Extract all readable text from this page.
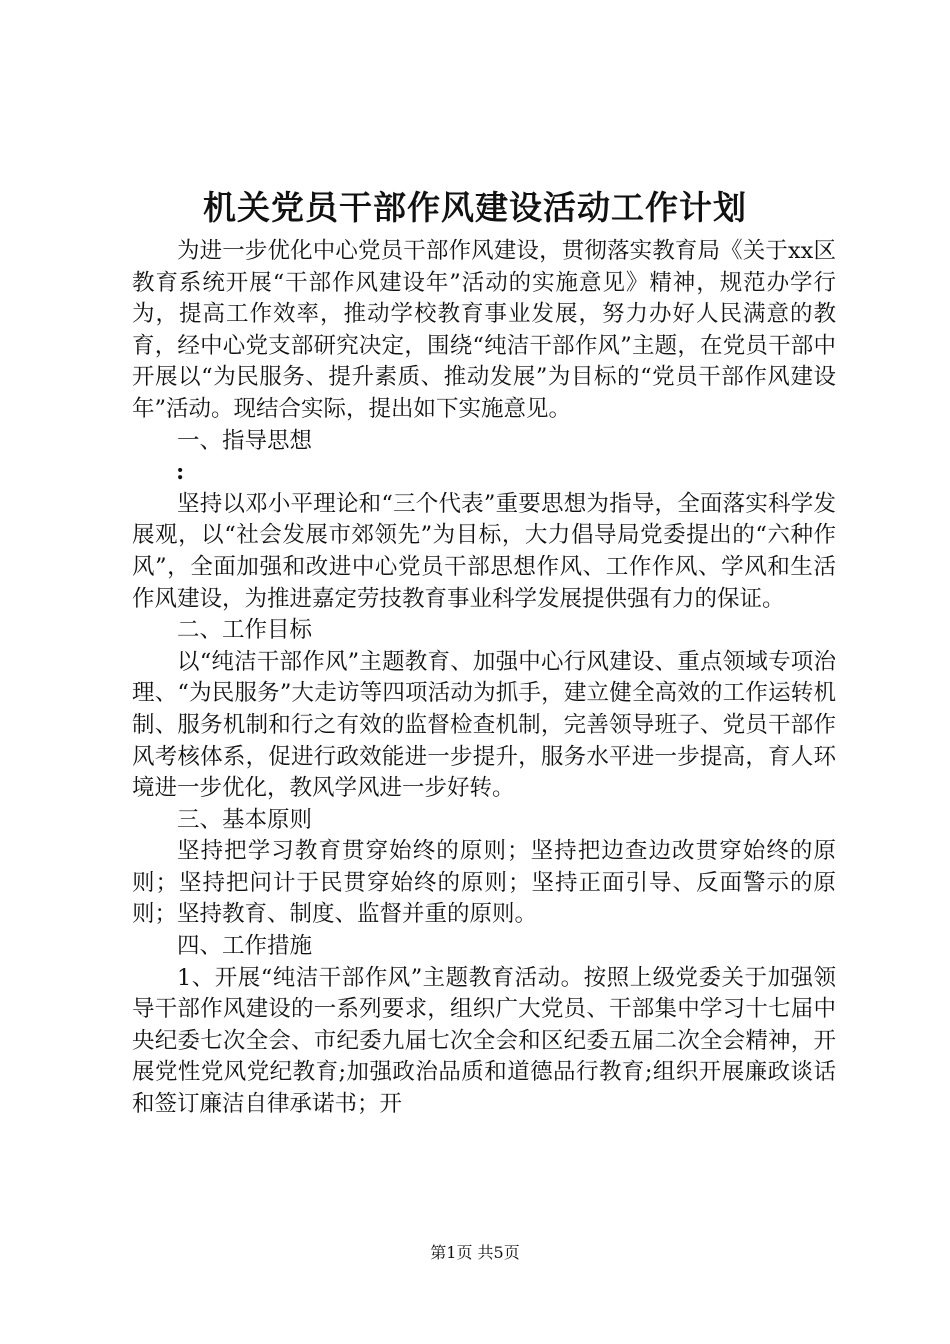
机关党员干部作风建设活动工作计划

为进一步优化中心党员干部作风建设，贯彻落实教育局《关于xx区教育系统开展“干部作风建设年”活动的实施意见》精神，规范办学行为，提高工作效率，推动学校教育事业发展，努力办好人民满意的教育，经中心党支部研究决定，围绕“纯洁干部作风”主题，在党员干部中开展以“为民服务、提升素质、推动发展”为目标的“党员干部作风建设年”活动。现结合实际，提出如下实施意见。

一、指导思想

:

坚持以邓小平理论和“三个代表”重要思想为指导，全面落实科学发展观，以“社会发展市郊领先”为目标，大力倡导局党委提出的“六种作风”，全面加强和改进中心党员干部思想作风、工作作风、学风和生活作风建设，为推进嘉定劳技教育事业科学发展提供强有力的保证。

二、工作目标

以“纯洁干部作风”主题教育、加强中心行风建设、重点领域专项治理、“为民服务”大走访等四项活动为抓手，建立健全高效的工作运转机制、服务机制和行之有效的监督检查机制，完善领导班子、党员干部作风考核体系，促进行政效能进一步提升，服务水平进一步提高，育人环境进一步优化，教风学风进一步好转。

三、基本原则

坚持把学习教育贯穿始终的原则；坚持把边查边改贯穿始终的原则；坚持把问计于民贯穿始终的原则；坚持正面引导、反面警示的原则；坚持教育、制度、监督并重的原则。

四、工作措施

1、开展“纯洁干部作风”主题教育活动。按照上级党委关于加强领导干部作风建设的一系列要求，组织广大党员、干部集中学习十七届中央纪委七次全会、市纪委九届七次全会和区纪委五届二次全会精神，开展党性党风党纪教育;加强政治品质和道德品行教育;组织开展廉政谈话和签订廉洁自律承诺书；开

第1页 共5页
